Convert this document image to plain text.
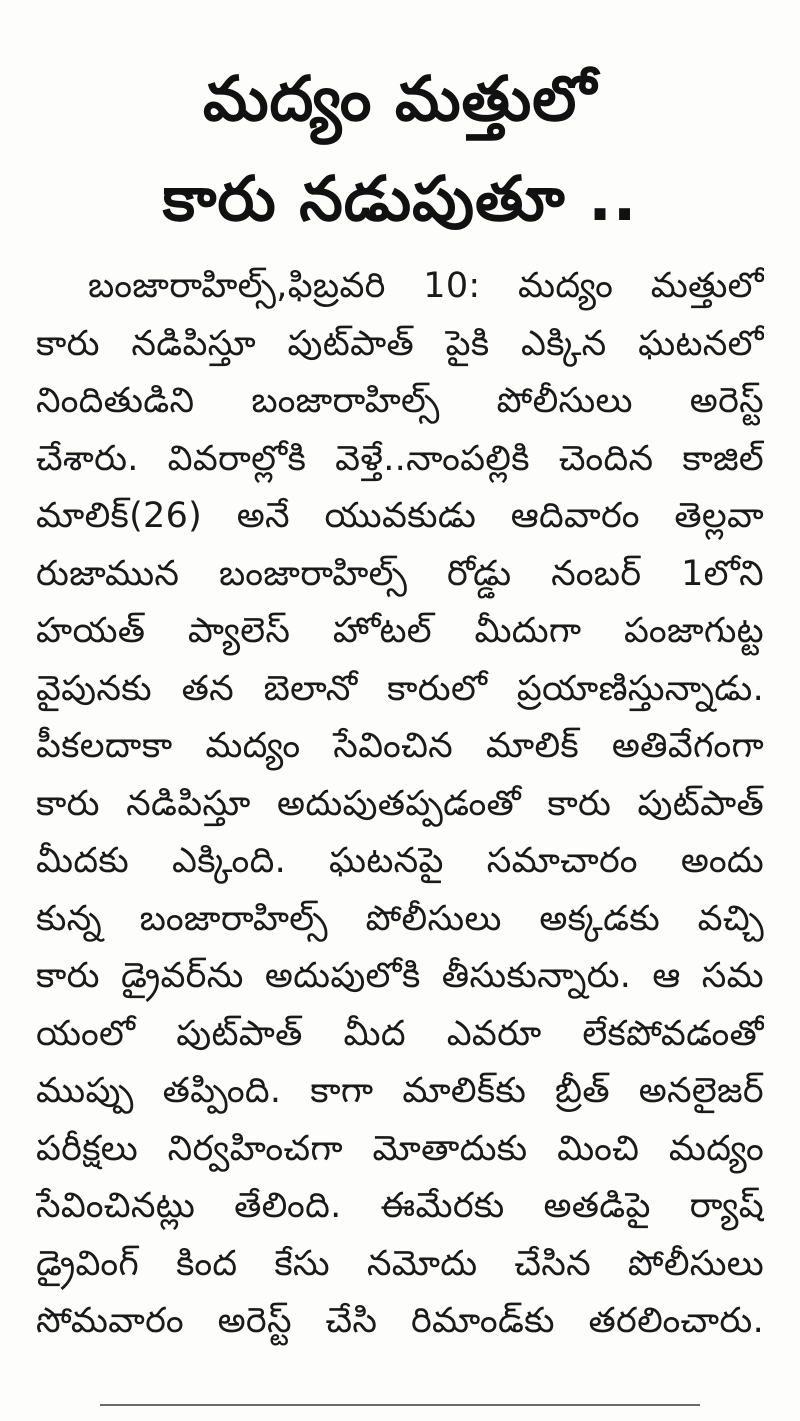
మద్యం మత్తులో
కారు నడుపుతూ ..
బంజారాహిల్స్,ఫిబ్రవరి 10: మద్యం మత్తులో
కారు నడిపిస్తూ పుట్‌పాత్ పైకి ఎక్కిన ఘటనలో
నిందితుడిని బంజారాహిల్స్ పోలీసులు అరెస్ట్
చేశారు. వివరాల్లోకి వెళ్తే..నాంపల్లికి చెందిన కాజిల్
మాలిక్(26) అనే యువకుడు ఆదివారం తెల్లవా
రుజామున బంజారాహిల్స్ రోడ్డు నంబర్ 1లోని
హయత్ ప్యాలెస్ హోటల్ మీదుగా పంజాగుట్ట
వైపునకు తన బెలానో కారులో ప్రయాణిస్తున్నాడు.
పీకలదాకా మద్యం సేవించిన మాలిక్ అతివేగంగా
కారు నడిపిస్తూ అదుపుతప్పడంతో కారు పుట్‌పాత్
మీదకు ఎక్కింది. ఘటనపై సమాచారం అందు
కున్న బంజారాహిల్స్ పోలీసులు అక్కడకు వచ్చి
కారు డ్రైవర్‌ను అదుపులోకి తీసుకున్నారు. ఆ సమ
యంలో పుట్‌పాత్ మీద ఎవరూ లేకపోవడంతో
ముప్పు తప్పింది. కాగా మాలిక్‌కు బ్రీత్ అనలైజర్
పరీక్షలు నిర్వహించగా మోతాదుకు మించి మద్యం
సేవించినట్లు తేలింది. ఈమేరకు అతడిపై ర్యాష్
డ్రైవింగ్ కింద కేసు నమోదు చేసిన పోలీసులు
సోమవారం అరెస్ట్ చేసి రిమాండ్‌కు తరలించారు.
